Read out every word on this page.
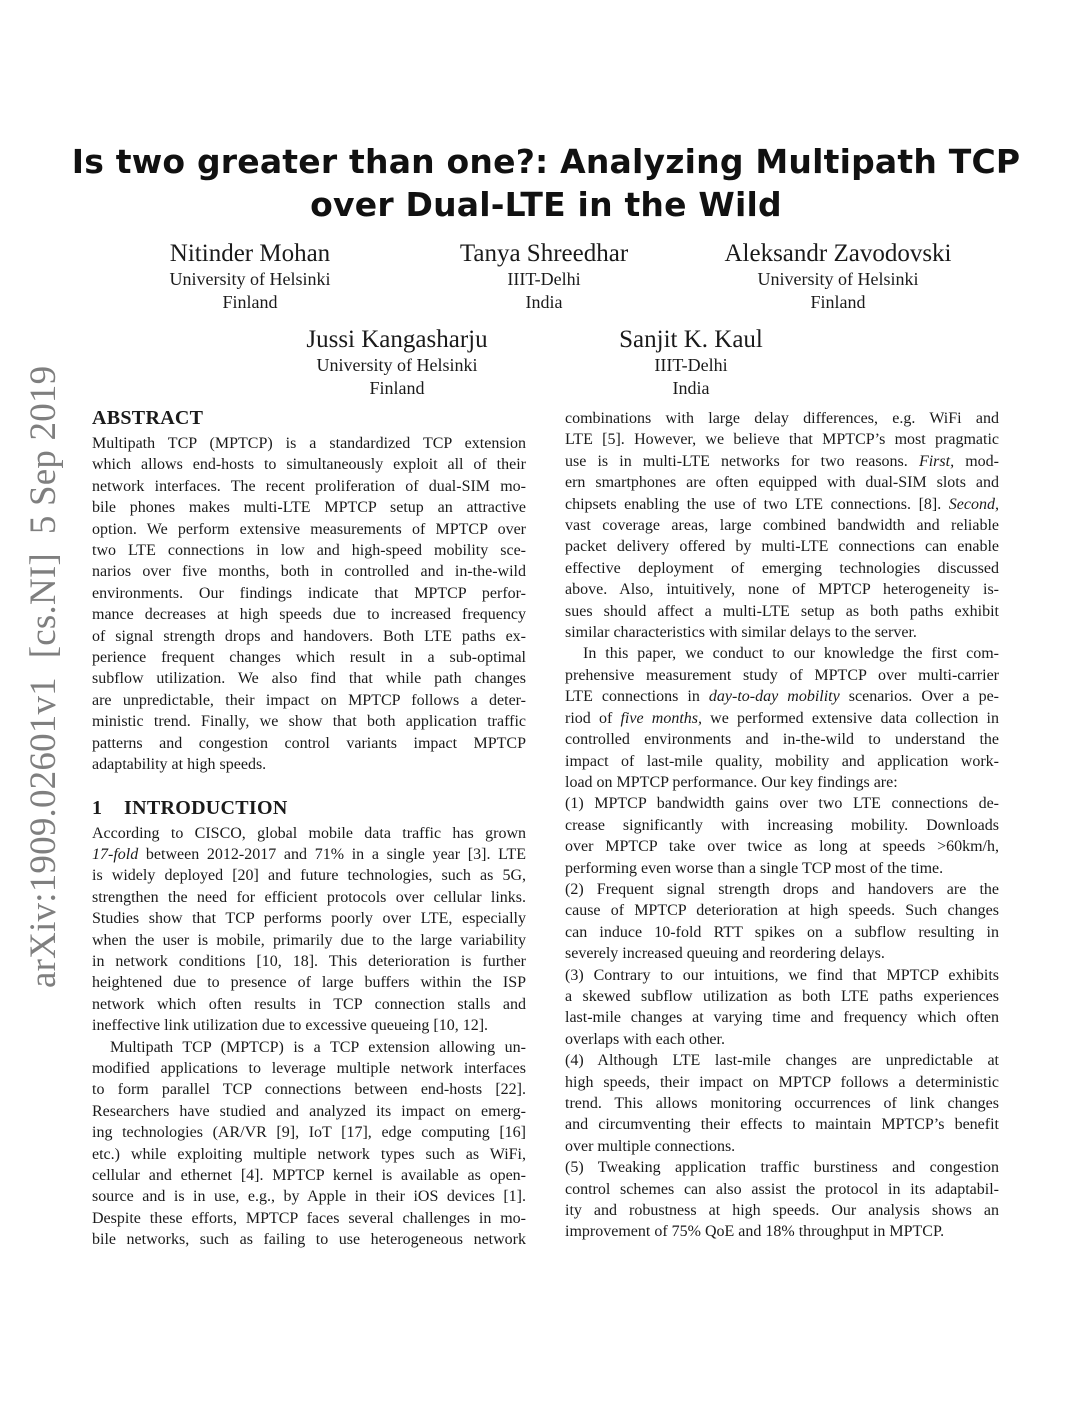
arXiv:1909.02601v1  [cs.NI]  5 Sep 2019
Is two greater than one?: Analyzing Multipath TCP
over Dual-LTE in the Wild
Nitinder Mohan
University of Helsinki
Finland
Tanya Shreedhar
IIIT-Delhi
India
Aleksandr Zavodovski
University of Helsinki
Finland
Jussi Kangasharju
University of Helsinki
Finland
Sanjit K. Kaul
IIIT-Delhi
India
ABSTRACT
Multipath TCP (MPTCP) is a standardized TCP extension
which allows end-hosts to simultaneously exploit all of their
network interfaces. The recent proliferation of dual-SIM mo-
bile phones makes multi-LTE MPTCP setup an attractive
option. We perform extensive measurements of MPTCP over
two LTE connections in low and high-speed mobility sce-
narios over five months, both in controlled and in-the-wild
environments. Our findings indicate that MPTCP perfor-
mance decreases at high speeds due to increased frequency
of signal strength drops and handovers. Both LTE paths ex-
perience frequent changes which result in a sub-optimal
subflow utilization. We also find that while path changes
are unpredictable, their impact on MPTCP follows a deter-
ministic trend. Finally, we show that both application traffic
patterns and congestion control variants impact MPTCP
adaptability at high speeds.
1 INTRODUCTION
According to CISCO, global mobile data traffic has grown
17-fold between 2012-2017 and 71% in a single year [3]. LTE
is widely deployed [20] and future technologies, such as 5G,
strengthen the need for efficient protocols over cellular links.
Studies show that TCP performs poorly over LTE, especially
when the user is mobile, primarily due to the large variability
in network conditions [10, 18]. This deterioration is further
heightened due to presence of large buffers within the ISP
network which often results in TCP connection stalls and
ineffective link utilization due to excessive queueing [10, 12].
Multipath TCP (MPTCP) is a TCP extension allowing un-
modified applications to leverage multiple network interfaces
to form parallel TCP connections between end-hosts [22].
Researchers have studied and analyzed its impact on emerg-
ing technologies (AR/VR [9], IoT [17], edge computing [16]
etc.) while exploiting multiple network types such as WiFi,
cellular and ethernet [4]. MPTCP kernel is available as open-
source and is in use, e.g., by Apple in their iOS devices [1].
Despite these efforts, MPTCP faces several challenges in mo-
bile networks, such as failing to use heterogeneous network
combinations with large delay differences, e.g. WiFi and
LTE [5]. However, we believe that MPTCP’s most pragmatic
use is in multi-LTE networks for two reasons. First, mod-
ern smartphones are often equipped with dual-SIM slots and
chipsets enabling the use of two LTE connections. [8]. Second,
vast coverage areas, large combined bandwidth and reliable
packet delivery offered by multi-LTE connections can enable
effective deployment of emerging technologies discussed
above. Also, intuitively, none of MPTCP heterogeneity is-
sues should affect a multi-LTE setup as both paths exhibit
similar characteristics with similar delays to the server.
In this paper, we conduct to our knowledge the first com-
prehensive measurement study of MPTCP over multi-carrier
LTE connections in day-to-day mobility scenarios. Over a pe-
riod of five months, we performed extensive data collection in
controlled environments and in-the-wild to understand the
impact of last-mile quality, mobility and application work-
load on MPTCP performance. Our key findings are:
(1) MPTCP bandwidth gains over two LTE connections de-
crease significantly with increasing mobility. Downloads
over MPTCP take over twice as long at speeds >60km/h,
performing even worse than a single TCP most of the time.
(2) Frequent signal strength drops and handovers are the
cause of MPTCP deterioration at high speeds. Such changes
can induce 10-fold RTT spikes on a subflow resulting in
severely increased queuing and reordering delays.
(3) Contrary to our intuitions, we find that MPTCP exhibits
a skewed subflow utilization as both LTE paths experiences
last-mile changes at varying time and frequency which often
overlaps with each other.
(4) Although LTE last-mile changes are unpredictable at
high speeds, their impact on MPTCP follows a deterministic
trend. This allows monitoring occurrences of link changes
and circumventing their effects to maintain MPTCP’s benefit
over multiple connections.
(5) Tweaking application traffic burstiness and congestion
control schemes can also assist the protocol in its adaptabil-
ity and robustness at high speeds. Our analysis shows an
improvement of 75% QoE and 18% throughput in MPTCP.
